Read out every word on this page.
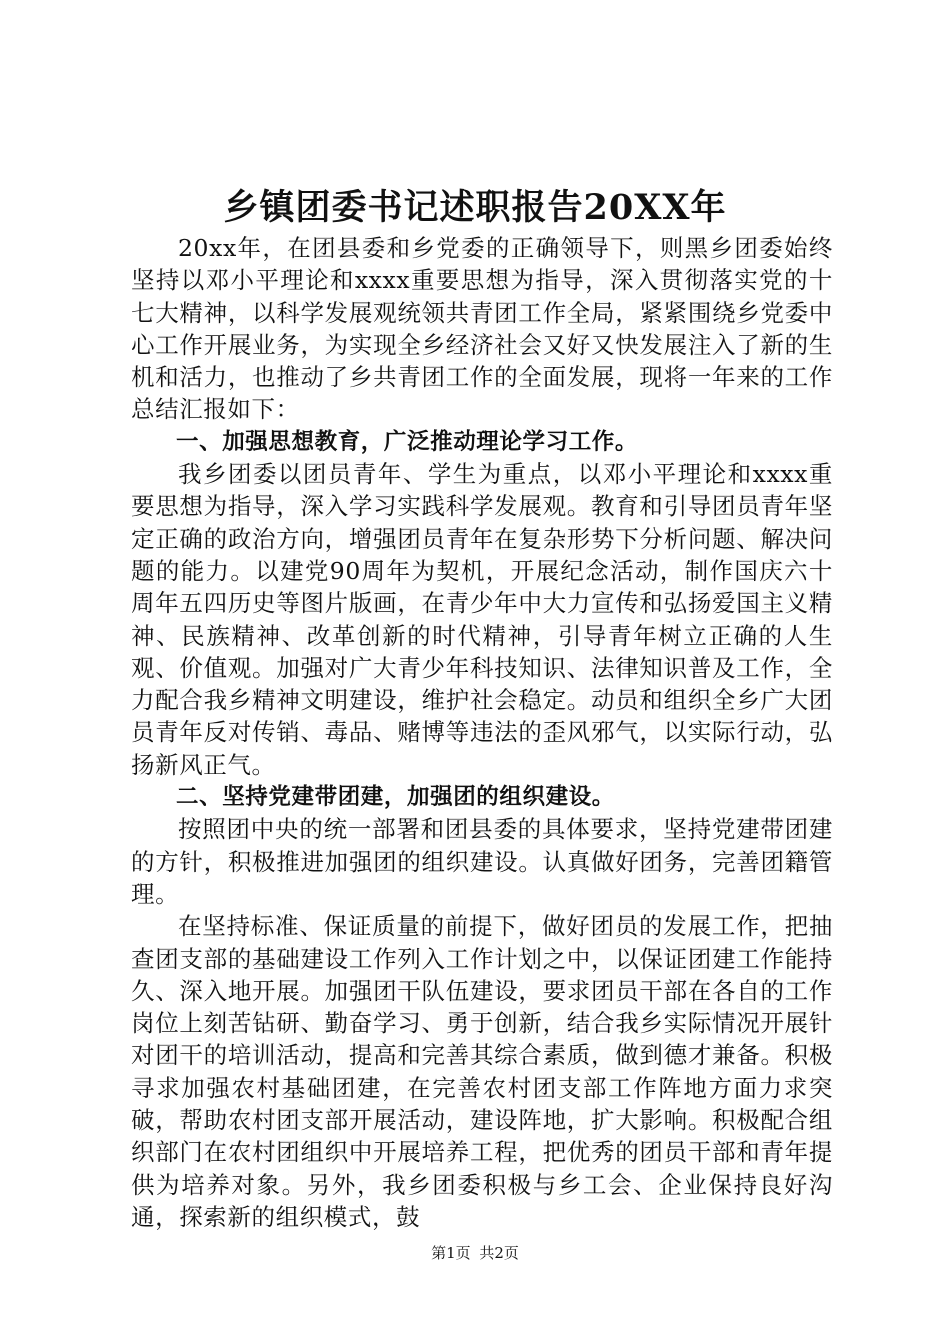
乡镇团委书记述职报告20XX年

20xx年，在团县委和乡党委的正确领导下，则黑乡团委始终坚持以邓小平理论和xxxx重要思想为指导，深入贯彻落实党的十七大精神，以科学发展观统领共青团工作全局，紧紧围绕乡党委中心工作开展业务，为实现全乡经济社会又好又快发展注入了新的生机和活力，也推动了乡共青团工作的全面发展，现将一年来的工作总结汇报如下：

一、加强思想教育，广泛推动理论学习工作。

我乡团委以团员青年、学生为重点，以邓小平理论和xxxx重要思想为指导，深入学习实践科学发展观。教育和引导团员青年坚定正确的政治方向，增强团员青年在复杂形势下分析问题、解决问题的能力。以建党90周年为契机，开展纪念活动，制作国庆六十周年五四历史等图片版画，在青少年中大力宣传和弘扬爱国主义精神、民族精神、改革创新的时代精神，引导青年树立正确的人生观、价值观。加强对广大青少年科技知识、法律知识普及工作，全力配合我乡精神文明建设，维护社会稳定。动员和组织全乡广大团员青年反对传销、毒品、赌博等违法的歪风邪气，以实际行动，弘扬新风正气。

二、坚持党建带团建，加强团的组织建设。

按照团中央的统一部署和团县委的具体要求，坚持党建带团建的方针，积极推进加强团的组织建设。认真做好团务，完善团籍管理。

在坚持标准、保证质量的前提下，做好团员的发展工作，把抽查团支部的基础建设工作列入工作计划之中，以保证团建工作能持久、深入地开展。加强团干队伍建设，要求团员干部在各自的工作岗位上刻苦钻研、勤奋学习、勇于创新，结合我乡实际情况开展针对团干的培训活动，提高和完善其综合素质，做到德才兼备。积极寻求加强农村基础团建，在完善农村团支部工作阵地方面力求突破，帮助农村团支部开展活动，建设阵地，扩大影响。积极配合组织部门在农村团组织中开展培养工程，把优秀的团员干部和青年提供为培养对象。另外，我乡团委积极与乡工会、企业保持良好沟通，探索新的组织模式，鼓

第1页 共2页
